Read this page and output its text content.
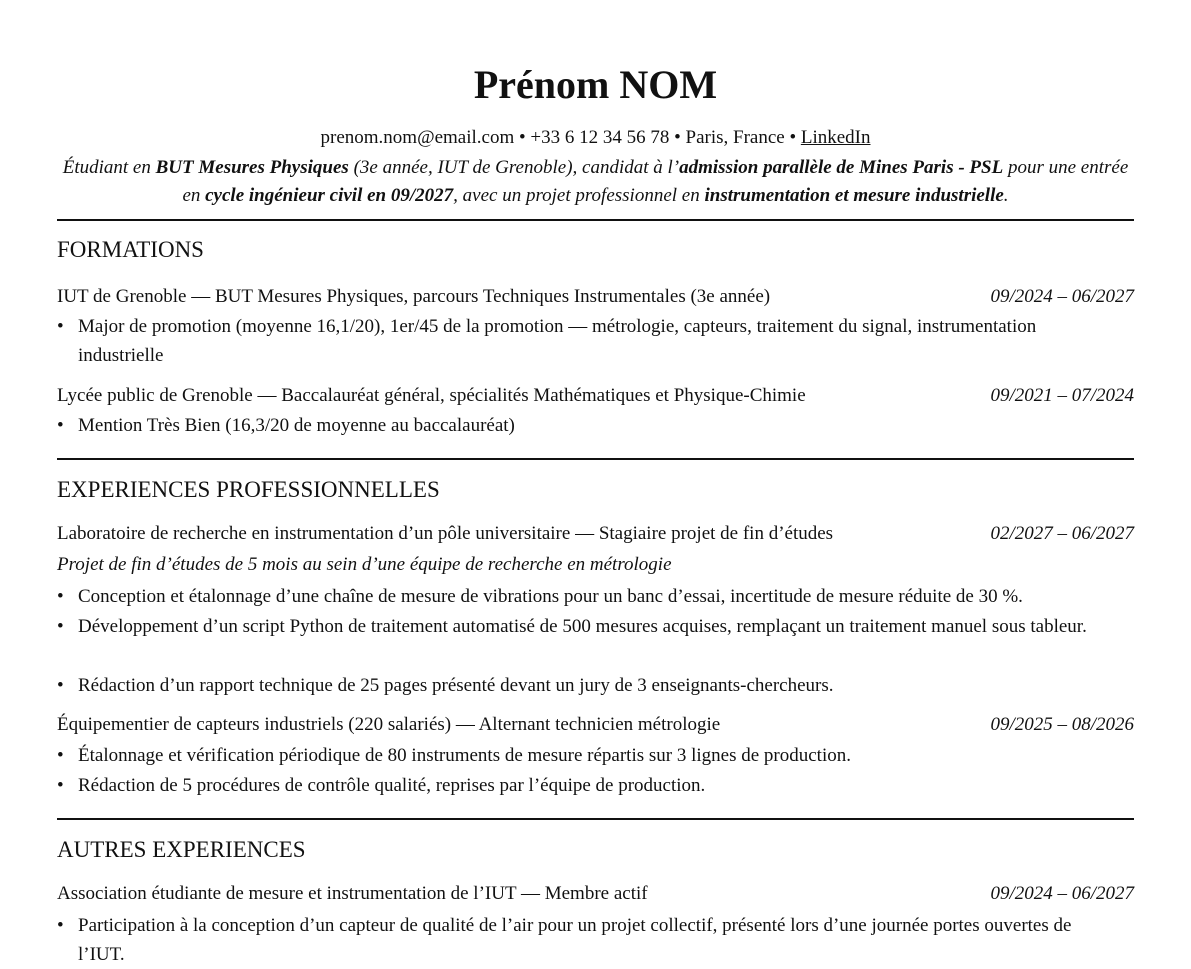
Prénom NOM
prenom.nom@email.com • +33 6 12 34 56 78 • Paris, France • LinkedIn
Étudiant en BUT Mesures Physiques (3e année, IUT de Grenoble), candidat à l’admission parallèle de Mines Paris - PSL pour une entrée en cycle ingénieur civil en 09/2027, avec un projet professionnel en instrumentation et mesure industrielle.
FORMATIONS
IUT de Grenoble — BUT Mesures Physiques, parcours Techniques Instrumentales (3e année)	09/2024 – 06/2027
• Major de promotion (moyenne 16,1/20), 1er/45 de la promotion — métrologie, capteurs, traitement du signal, instrumentation industrielle
Lycée public de Grenoble — Baccalauréat général, spécialités Mathématiques et Physique-Chimie	09/2021 – 07/2024
• Mention Très Bien (16,3/20 de moyenne au baccalauréat)
EXPERIENCES PROFESSIONNELLES
Laboratoire de recherche en instrumentation d’un pôle universitaire — Stagiaire projet de fin d’études	02/2027 – 06/2027
Projet de fin d’études de 5 mois au sein d’une équipe de recherche en métrologie
• Conception et étalonnage d’une chaîne de mesure de vibrations pour un banc d’essai, incertitude de mesure réduite de 30 %.
• Développement d’un script Python de traitement automatisé de 500 mesures acquises, remplaçant un traitement manuel sous tableur.
• Rédaction d’un rapport technique de 25 pages présenté devant un jury de 3 enseignants-chercheurs.
Équipementier de capteurs industriels (220 salariés) — Alternant technicien métrologie	09/2025 – 08/2026
• Étalonnage et vérification périodique de 80 instruments de mesure répartis sur 3 lignes de production.
• Rédaction de 5 procédures de contrôle qualité, reprises par l’équipe de production.
AUTRES EXPERIENCES
Association étudiante de mesure et instrumentation de l’IUT — Membre actif	09/2024 – 06/2027
• Participation à la conception d’un capteur de qualité de l’air pour un projet collectif, présenté lors d’une journée portes ouvertes de l’IUT.
